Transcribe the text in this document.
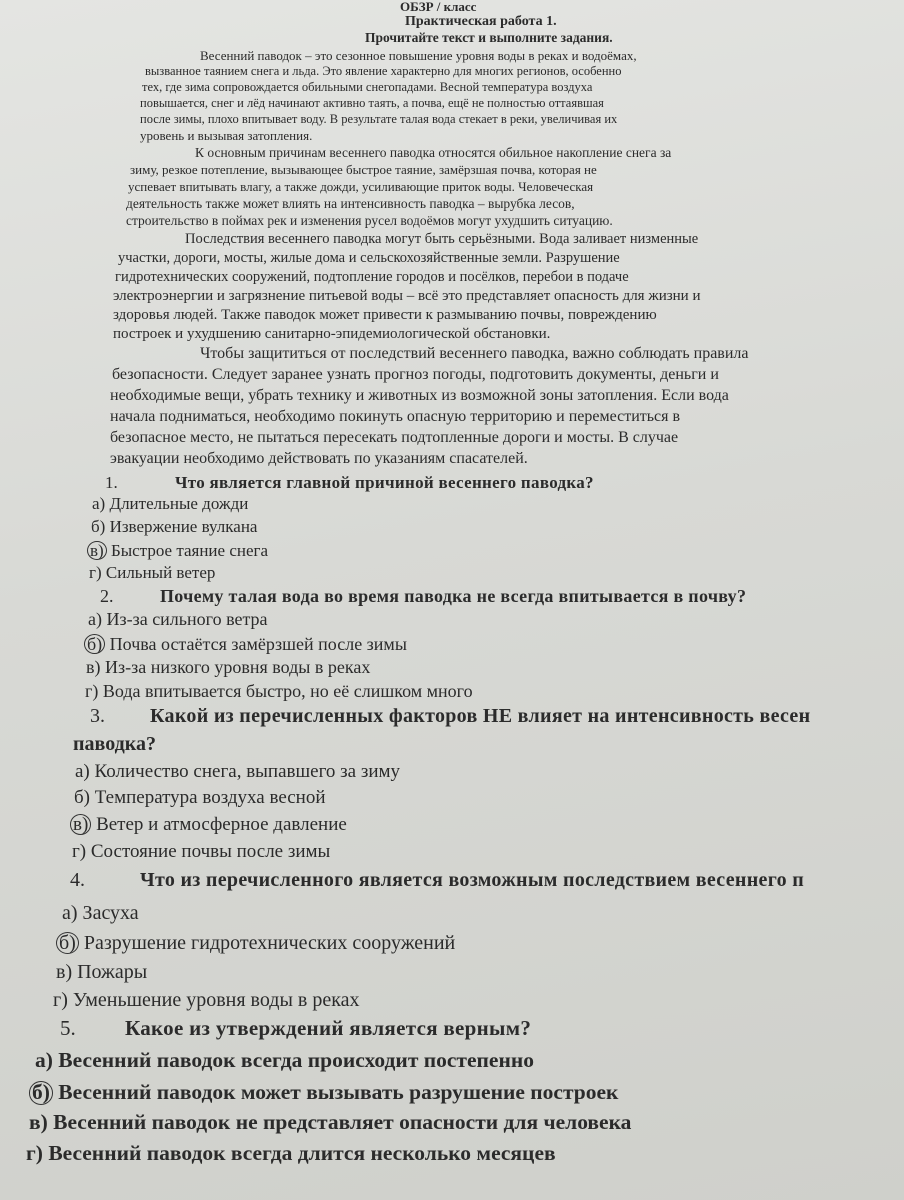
ОБЗР / класс
Практическая работа 1.
Прочитайте текст и выполните задания.
Весенний паводок – это сезонное повышение уровня воды в реках и водоёмах,
вызванное таянием снега и льда. Это явление характерно для многих регионов, особенно
тех, где зима сопровождается обильными снегопадами. Весной температура воздуха
повышается, снег и лёд начинают активно таять, а почва, ещё не полностью оттаявшая
после зимы, плохо впитывает воду. В результате талая вода стекает в реки, увеличивая их
уровень и вызывая затопления.
К основным причинам весеннего паводка относятся обильное накопление снега за
зиму, резкое потепление, вызывающее быстрое таяние, замёрзшая почва, которая не
успевает впитывать влагу, а также дожди, усиливающие приток воды. Человеческая
деятельность также может влиять на интенсивность паводка – вырубка лесов,
строительство в поймах рек и изменения русел водоёмов могут ухудшить ситуацию.
Последствия весеннего паводка могут быть серьёзными. Вода заливает низменные
участки, дороги, мосты, жилые дома и сельскохозяйственные земли. Разрушение
гидротехнических сооружений, подтопление городов и посёлков, перебои в подаче
электроэнергии и загрязнение питьевой воды – всё это представляет опасность для жизни и
здоровья людей. Также паводок может привести к размыванию почвы, повреждению
построек и ухудшению санитарно-эпидемиологической обстановки.
Чтобы защититься от последствий весеннего паводка, важно соблюдать правила
безопасности. Следует заранее узнать прогноз погоды, подготовить документы, деньги и
необходимые вещи, убрать технику и животных из возможной зоны затопления. Если вода
начала подниматься, необходимо покинуть опасную территорию и переместиться в
безопасное место, не пытаться пересекать подтопленные дороги и мосты. В случае
эвакуации необходимо действовать по указаниям спасателей.
1.	Что является главной причиной весеннего паводка?
а) Длительные дожди
б) Извержение вулкана
в) Быстрое таяние снега
г) Сильный ветер
2.	Почему талая вода во время паводка не всегда впитывается в почву?
а) Из-за сильного ветра
б) Почва остаётся замёрзшей после зимы
в) Из-за низкого уровня воды в реках
г) Вода впитывается быстро, но её слишком много
3. Какой из перечисленных факторов НЕ влияет на интенсивность весен
паводка?
а) Количество снега, выпавшего за зиму
б) Температура воздуха весной
в) Ветер и атмосферное давление
г) Состояние почвы после зимы
4.	Что из перечисленного является возможным последствием весеннего п
а) Засуха
б) Разрушение гидротехнических сооружений
в) Пожары
г) Уменьшение уровня воды в реках
5. Какое из утверждений является верным?
а) Весенний паводок всегда происходит постепенно
б) Весенний паводок может вызывать разрушение построек
в) Весенний паводок не представляет опасности для человека
г) Весенний паводок всегда длится несколько месяцев
